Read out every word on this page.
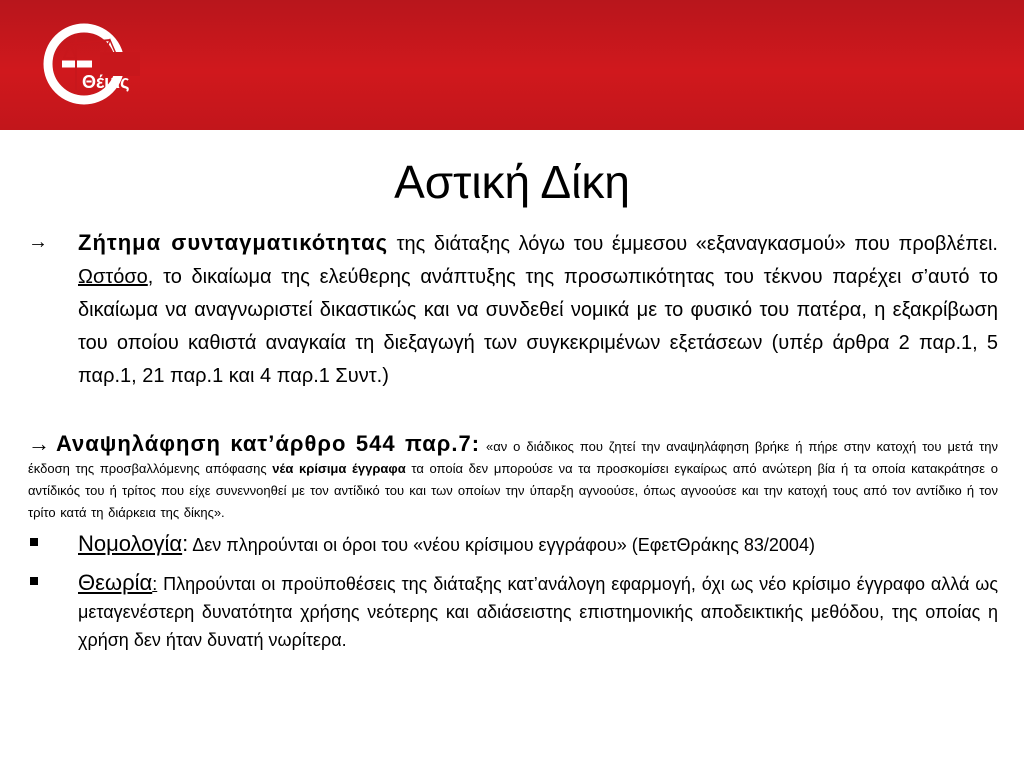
Θέμις
Αστική Δίκη
→ Ζήτημα συνταγματικότητας της διάταξης λόγω του έμμεσου «εξαναγκασμού» που προβλέπει. Ωστόσο, το δικαίωμα της ελεύθερης ανάπτυξης της προσωπικότητας του τέκνου παρέχει σ’αυτό το δικαίωμα να αναγνωριστεί δικαστικώς και να συνδεθεί νομικά με το φυσικό του πατέρα, η εξακρίβωση του οποίου καθιστά αναγκαία τη διεξαγωγή των συγκεκριμένων εξετάσεων (υπέρ άρθρα 2 παρ.1, 5 παρ.1, 21 παρ.1 και 4 παρ.1 Συντ.)
→ Αναψηλάφηση κατ’άρθρο 544 παρ.7: «αν ο διάδικος που ζητεί την αναψηλάφηση βρήκε ή πήρε στην κατοχή του μετά την έκδοση της προσβαλλόμενης απόφασης νέα κρίσιμα έγγραφα τα οποία δεν μπορούσε να τα προσκομίσει εγκαίρως από ανώτερη βία ή τα οποία κατακράτησε ο αντίδικός του ή τρίτος που είχε συνεννοηθεί με τον αντίδικό του και των οποίων την ύπαρξη αγνοούσε, όπως αγνοούσε και την κατοχή τους από τον αντίδικο ή τον τρίτο κατά τη διάρκεια της δίκης».
Νομολογία: Δεν πληρούνται οι όροι του «νέου κρίσιμου εγγράφου» (ΕφετΘράκης 83/2004)
Θεωρία: Πληρούνται οι προϋποθέσεις της διάταξης κατ’ανάλογη εφαρμογή, όχι ως νέο κρίσιμο έγγραφο αλλά ως μεταγενέστερη δυνατότητα χρήσης νεότερης και αδιάσειστης επιστημονικής αποδεικτικής μεθόδου, της οποίας η χρήση δεν ήταν δυνατή νωρίτερα.
